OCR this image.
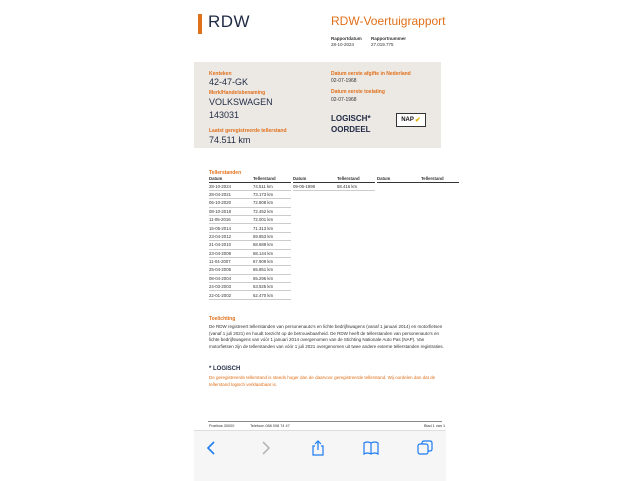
RDW	RDW-Voertuigrapport
Rapportdatum
28-10-2024
Rapportnummer
27.019.775
Kenteken
42-47-GK
Merk/Handelsbenaming
VOLKSWAGEN
143031
Laatst geregistreerde tellerstand
74.511 km
Datum eerste afgifte in Nederland
02-07-1968
Datum eerste toelating
02-07-1968
LOGISCH*
OORDEEL
NAP ✔
Tellerstanden
Datum	Tellerstand
28-10-2024	74.511 km
28-04-2021	73.173 km
06-10-2020	72.808 km
08-10-2018	72.452 km
11-05-2016	72.001 km
15-05-2014	71.313 km
23-04-2012	69.853 km
21-04-2010	68.689 km
23-04-2008	68.144 km
11-04-2007	67.909 km
25-04-2005	65.851 km
08-04-2004	65.296 km
24-03-2003	63.925 km
22-01-2002	62.470 km
Datum	Tellerstand
09-06-1998	58.416 km
Datum	Tellerstand
Toelichting
De RDW registreert tellerstanden van personenauto's en lichte bedrijfswagens (vanaf 1 januari 2014) en motorfietsen (vanaf 1 juli 2021) en houdt toezicht op de betrouwbaarheid. De RDW heeft de tellerstanden van personenauto's en lichte bedrijfswagens van vóór 1 januari 2014 overgenomen van de Stichting Nationale Auto Pas (NAP). Van motorfietsen zijn de tellerstanden van vóór 1 juli 2021 overgenomen uit twee andere externe tellerstanden registraties.
* LOGISCH
De geregistreerde tellerstand is steeds hoger dan de daarvoor geregistreerde tellerstand. Wij oordelen dan dat de tellerstand logisch verklaarbaar is.
Postbus 30000	Telefoon 088 008 74 47	Blad 1 van 1
